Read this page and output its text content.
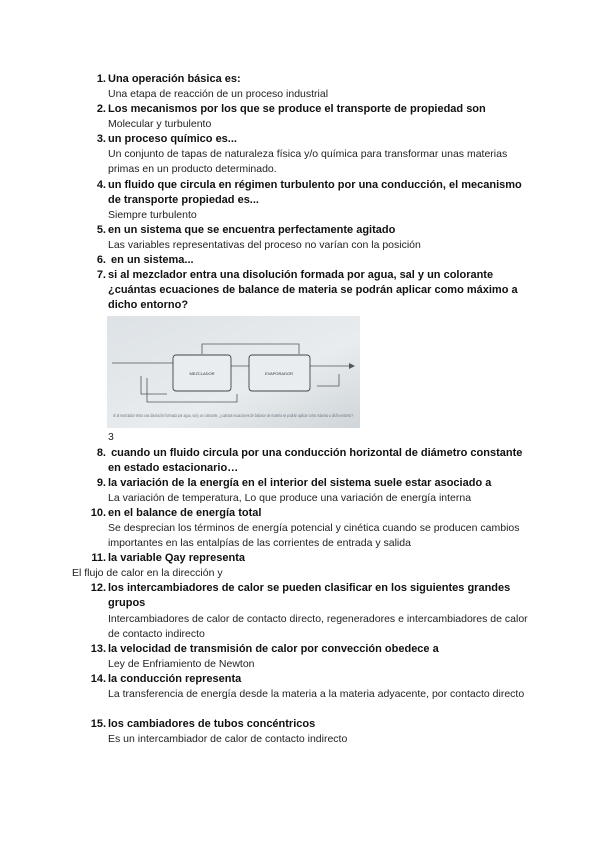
1. Una operación básica es:
Una etapa de reacción de un proceso industrial
2. Los mecanismos por los que se produce el transporte de propiedad son
Molecular y turbulento
3. un proceso químico es...
Un conjunto de tapas de naturaleza física y/o química para transformar unas materias primas en un producto determinado.
4. un fluido que circula en régimen turbulento por una conducción, el mecanismo de transporte propiedad es...
Siempre turbulento
5. en un sistema que se encuentra perfectamente agitado
Las variables representativas del proceso no varían con la posición
6. en un sistema...
7. si al mezclador entra una disolución formada por agua, sal y un colorante ¿cuántas ecuaciones de balance de materia se podrán aplicar como máximo a dicho entorno?
MEZCLADOR	EVAPORADOR
Si al mezclador entra una disolución formada por agua, sal y un colorante, ¿cuántas ecuaciones de balance de materia se podrán aplicar como máximo a dicho entorno?
3
8. cuando un fluido circula por una conducción horizontal de diámetro constante en estado estacionario…
9. la variación de la energía en el interior del sistema suele estar asociado a
La variación de temperatura, Lo que produce una variación de energía interna
10. en el balance de energía total
Se desprecian los términos de energía potencial y cinética cuando se producen cambios importantes en las entalpías de las corrientes de entrada y salida
11. la variable Qay representa
El flujo de calor en la dirección y
12. los intercambiadores de calor se pueden clasificar en los siguientes grandes grupos
Intercambiadores de calor de contacto directo, regeneradores e intercambiadores de calor de contacto indirecto
13. la velocidad de transmisión de calor por convección obedece a
Ley de Enfriamiento de Newton
14. la conducción representa
La transferencia de energía desde la materia a la materia adyacente, por contacto directo
15. los cambiadores de tubos concéntricos
Es un intercambiador de calor de contacto indirecto
